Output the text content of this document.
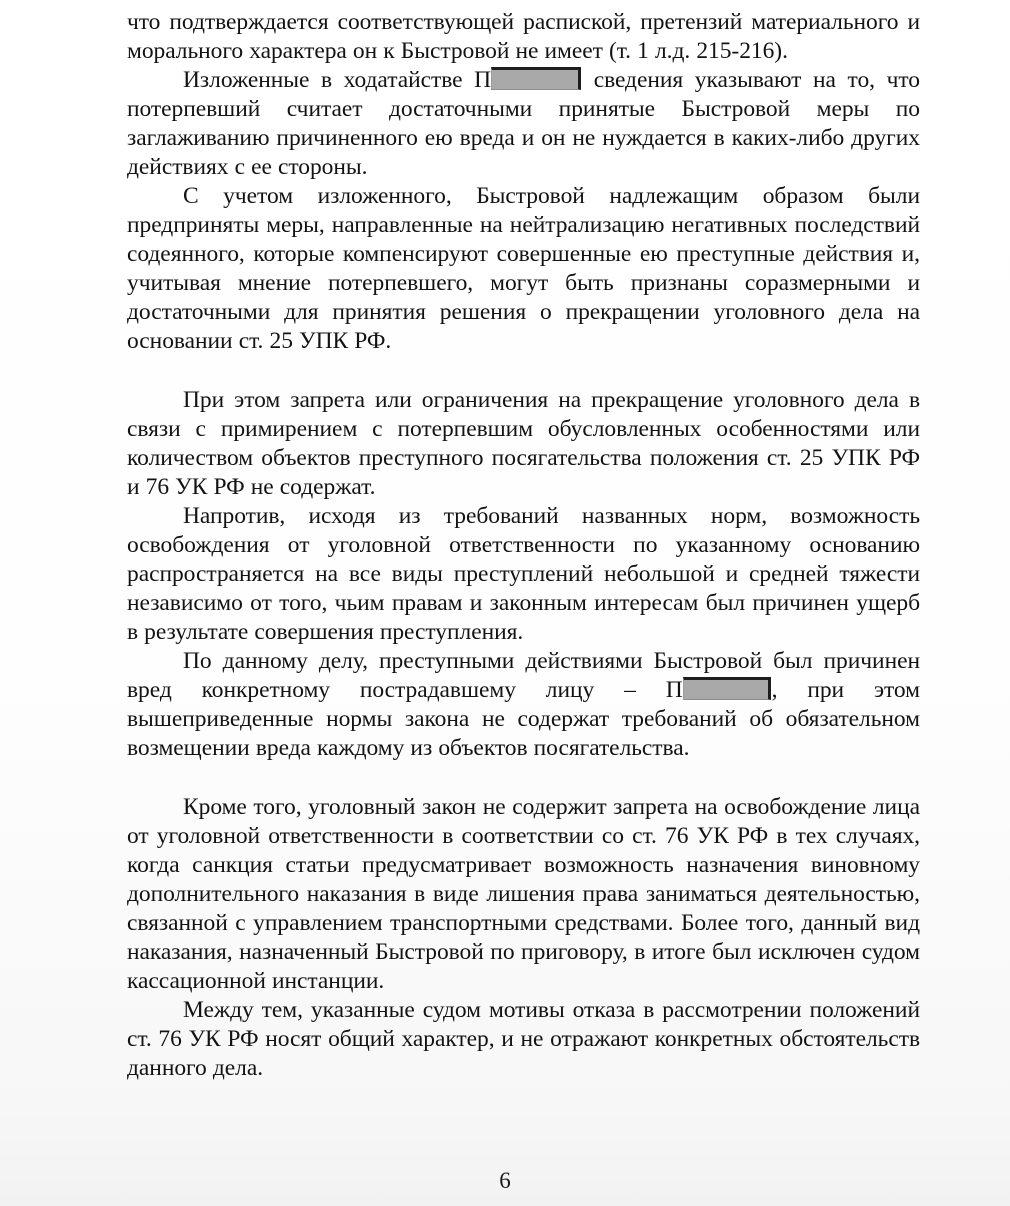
что подтверждается соответствующей распиской, претензий материального и морального характера он к Быстровой не имеет (т. 1 л.д. 215-216).

Изложенные в ходатайстве П	сведения указывают на то, что потерпевший считает достаточными принятые Быстровой меры по заглаживанию причиненного ею вреда и он не нуждается в каких-либо других действиях с ее стороны.

С учетом изложенного, Быстровой надлежащим образом были предприняты меры, направленные на нейтрализацию негативных последствий содеянного, которые компенсируют совершенные ею преступные действия и, учитывая мнение потерпевшего, могут быть признаны соразмерными и достаточными для принятия решения о прекращении уголовного дела на основании ст. 25 УПК РФ.

При этом запрета или ограничения на прекращение уголовного дела в связи с примирением с потерпевшим обусловленных особенностями или количеством объектов преступного посягательства положения ст. 25 УПК РФ и 76 УК РФ не содержат.

Напротив, исходя из требований названных норм, возможность освобождения от уголовной ответственности по указанному основанию распространяется на все виды преступлений небольшой и средней тяжести независимо от того, чьим правам и законным интересам был причинен ущерб в результате совершения преступления.

По данному делу, преступными действиями Быстровой был причинен вред конкретному пострадавшему лицу – П	, при этом вышеприведенные нормы закона не содержат требований об обязательном возмещении вреда каждому из объектов посягательства.

Кроме того, уголовный закон не содержит запрета на освобождение лица от уголовной ответственности в соответствии со ст. 76 УК РФ в тех случаях, когда санкция статьи предусматривает возможность назначения виновному дополнительного наказания в виде лишения права заниматься деятельностью, связанной с управлением транспортными средствами. Более того, данный вид наказания, назначенный Быстровой по приговору, в итоге был исключен судом кассационной инстанции.

Между тем, указанные судом мотивы отказа в рассмотрении положений ст. 76 УК РФ носят общий характер, и не отражают конкретных обстоятельств данного дела.

6
